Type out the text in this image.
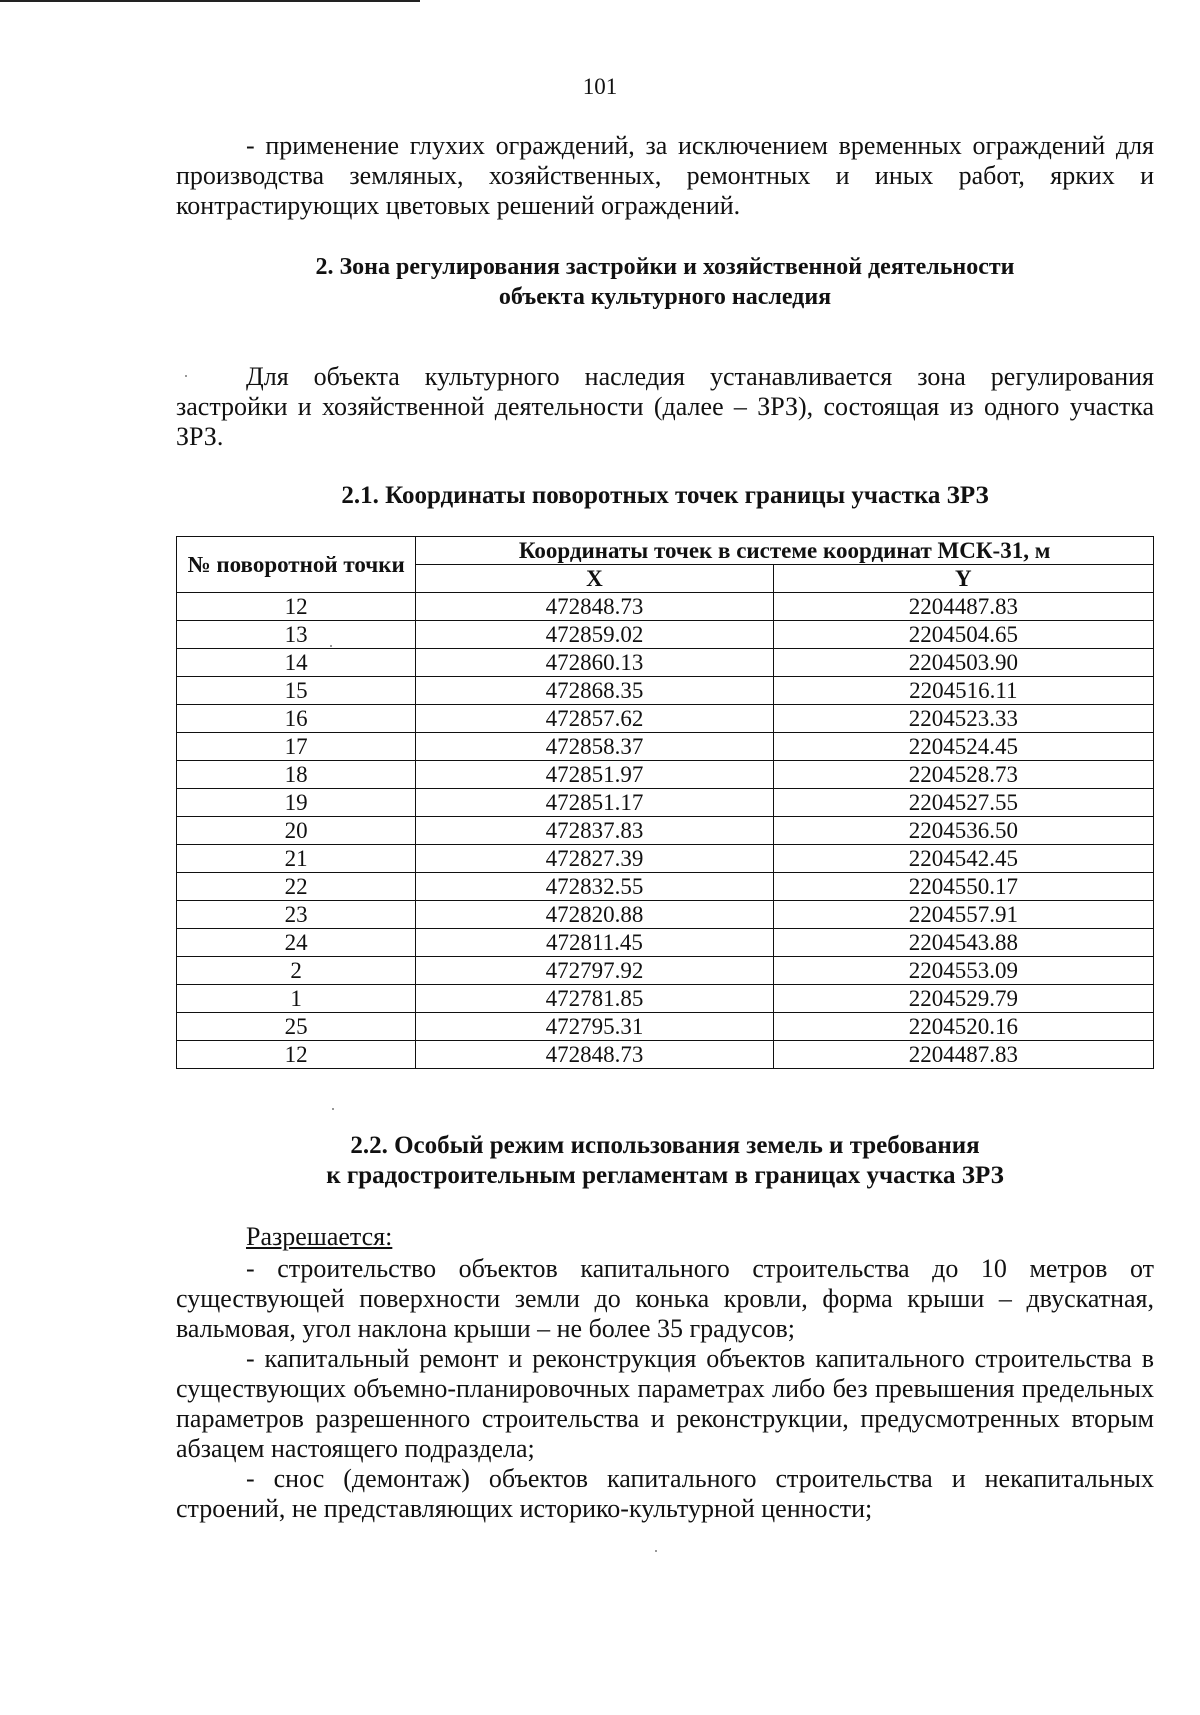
101
- применение глухих ограждений, за исключением временных ограждений для производства земляных, хозяйственных, ремонтных и иных работ, ярких и контрастирующих цветовых решений ограждений.
2. Зона регулирования застройки и хозяйственной деятельности
объекта культурного наследия
Для объекта культурного наследия устанавливается зона регулирования застройки и хозяйственной деятельности (далее – ЗРЗ), состоящая из одного участка ЗРЗ.
2.1. Координаты поворотных точек границы участка ЗРЗ
№ поворотной точки	Координаты точек в системе координат МСК-31, м	
	X	Y
12	472848.73	2204487.83
13	472859.02	2204504.65
14	472860.13	2204503.90
15	472868.35	2204516.11
16	472857.62	2204523.33
17	472858.37	2204524.45
18	472851.97	2204528.73
19	472851.17	2204527.55
20	472837.83	2204536.50
21	472827.39	2204542.45
22	472832.55	2204550.17
23	472820.88	2204557.91
24	472811.45	2204543.88
2	472797.92	2204553.09
1	472781.85	2204529.79
25	472795.31	2204520.16
12	472848.73	2204487.83
2.2. Особый режим использования земель и требования
к градостроительным регламентам в границах участка ЗРЗ
Разрешается:
- строительство объектов капитального строительства до 10 метров от существующей поверхности земли до конька кровли, форма крыши – двускатная, вальмовая, угол наклона крыши – не более 35 градусов;
- капитальный ремонт и реконструкция объектов капитального строительства в существующих объемно-планировочных параметрах либо без превышения предельных параметров разрешенного строительства и реконструкции, предусмотренных вторым абзацем настоящего подраздела;
- снос (демонтаж) объектов капитального строительства и некапитальных строений, не представляющих историко-культурной ценности;
